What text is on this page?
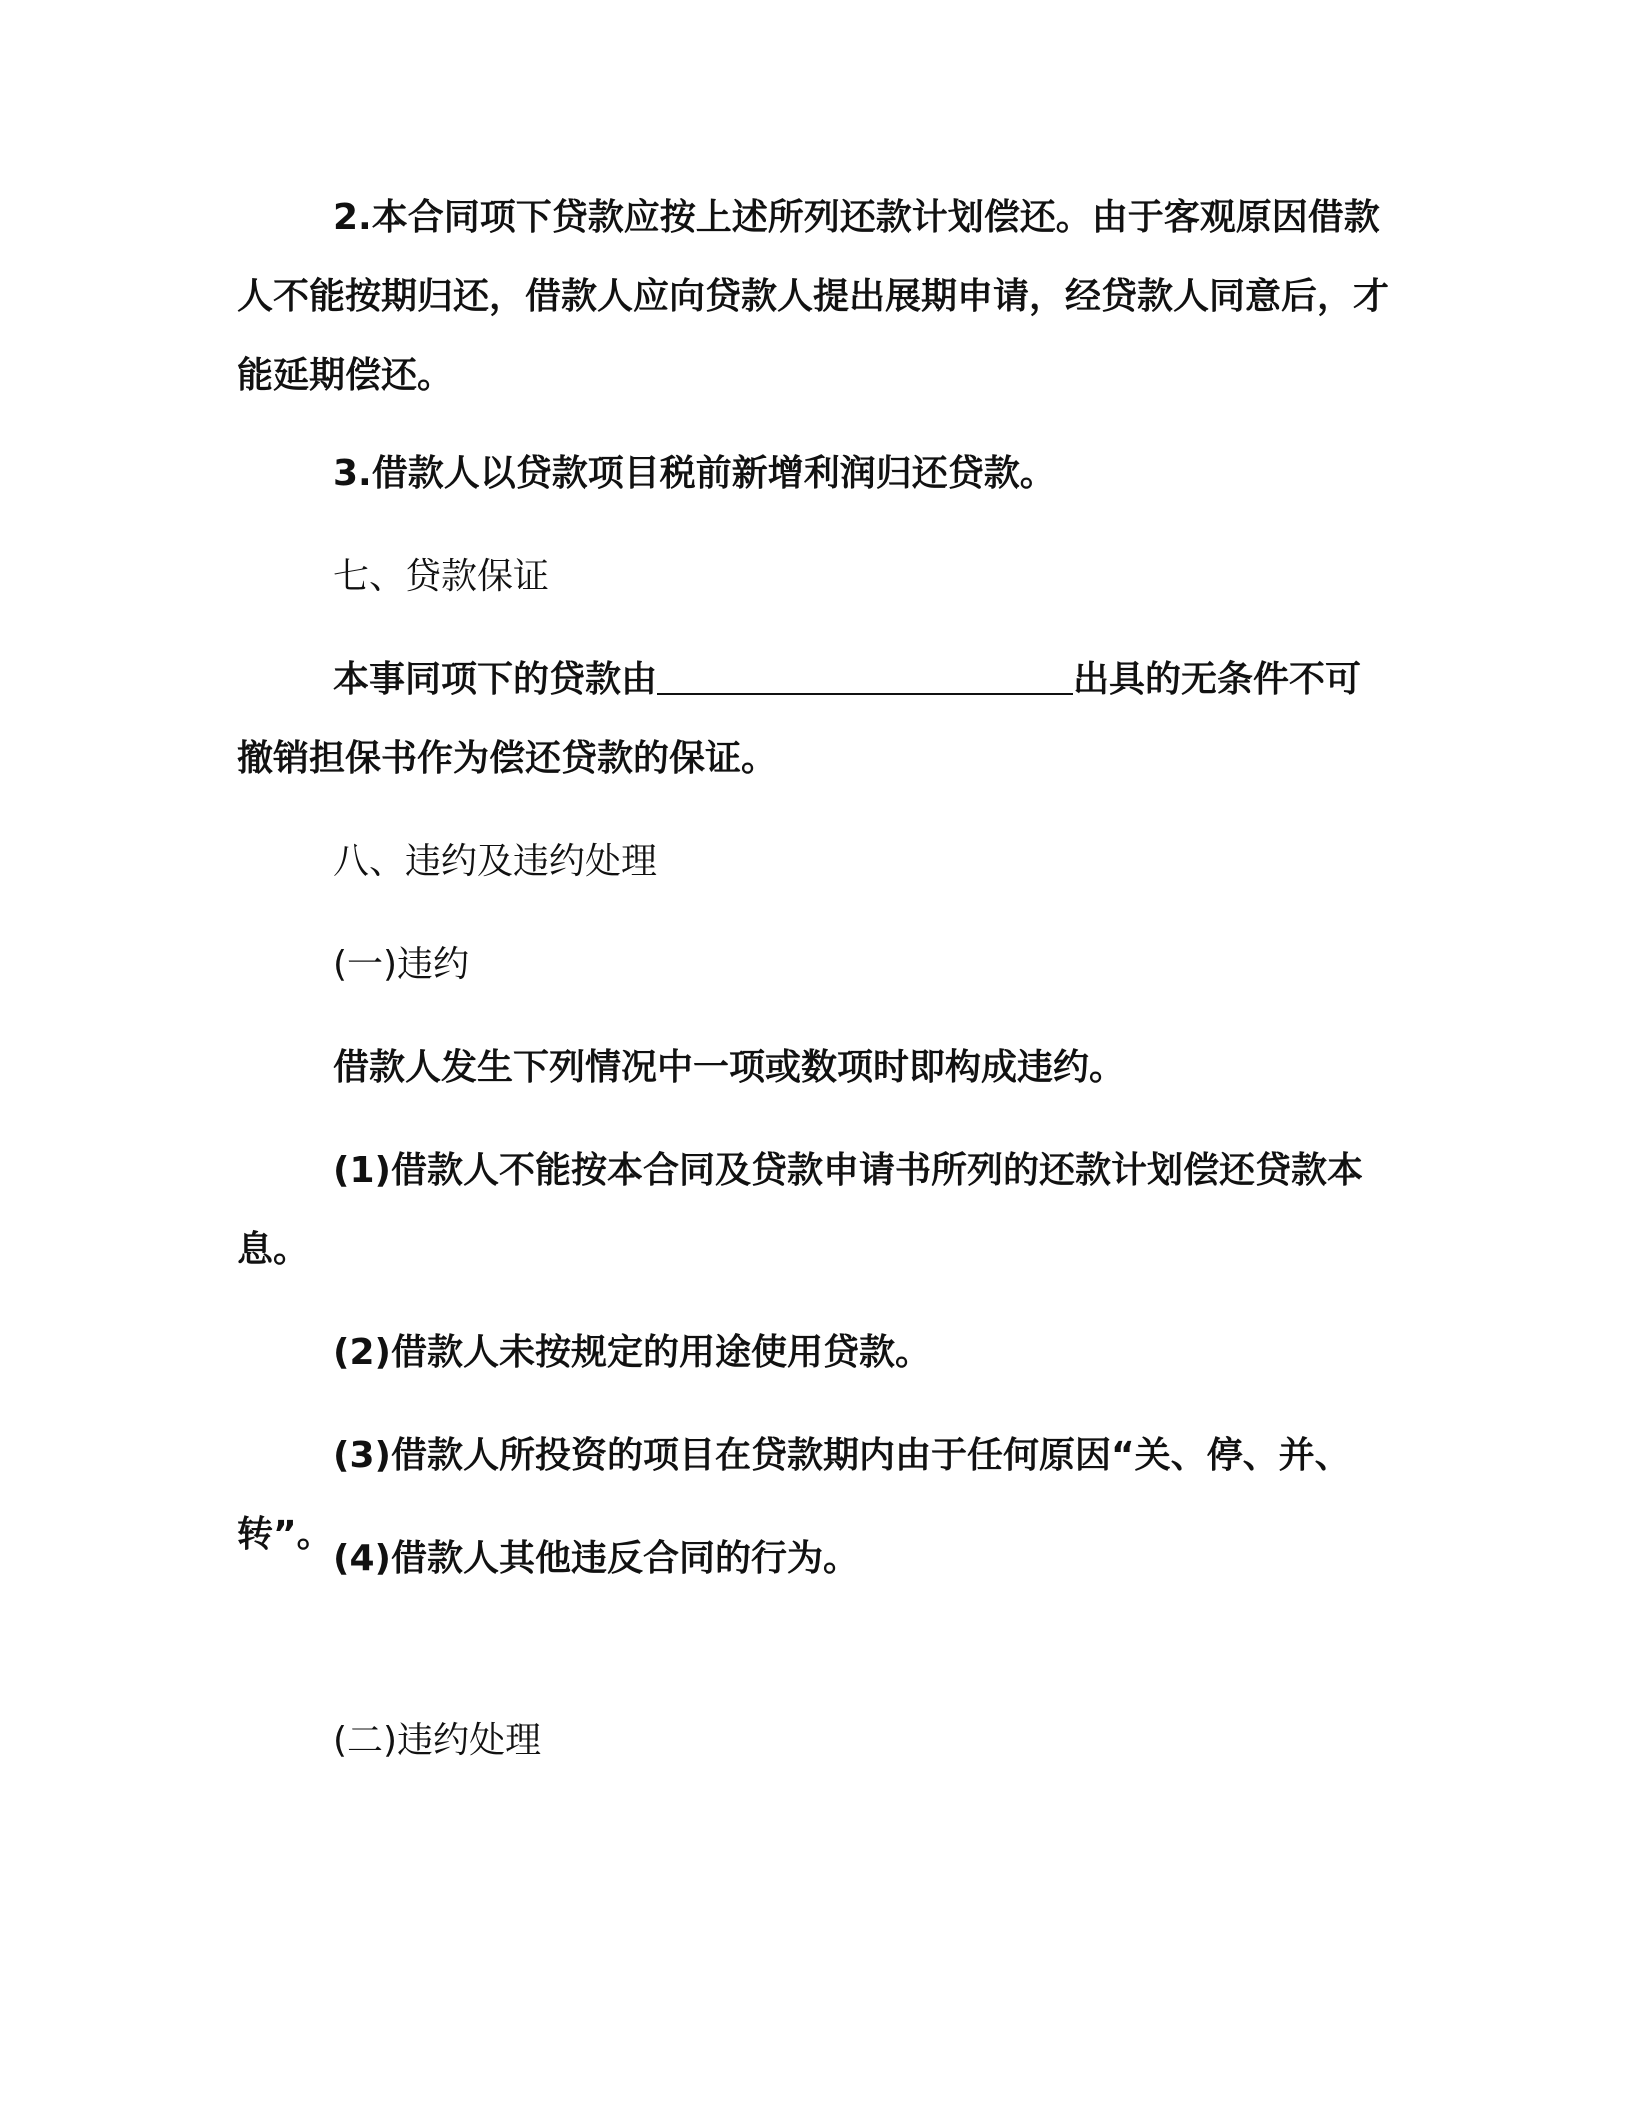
2.本合同项下贷款应按上述所列还款计划偿还。由于客观原因借款人不能按期归还，借款人应向贷款人提出展期申请，经贷款人同意后，才能延期偿还。

3.借款人以贷款项目税前新增利润归还贷款。

七、贷款保证

本事同项下的贷款由	出具的无条件不可撤销担保书作为偿还贷款的保证。

八、违约及违约处理

(一)违约

借款人发生下列情况中一项或数项时即构成违约。

(1)借款人不能按本合同及贷款申请书所列的还款计划偿还贷款本息。

(2)借款人未按规定的用途使用贷款。

(3)借款人所投资的项目在贷款期内由于任何原因“关、停、并、转”。

(4)借款人其他违反合同的行为。

(二)违约处理
